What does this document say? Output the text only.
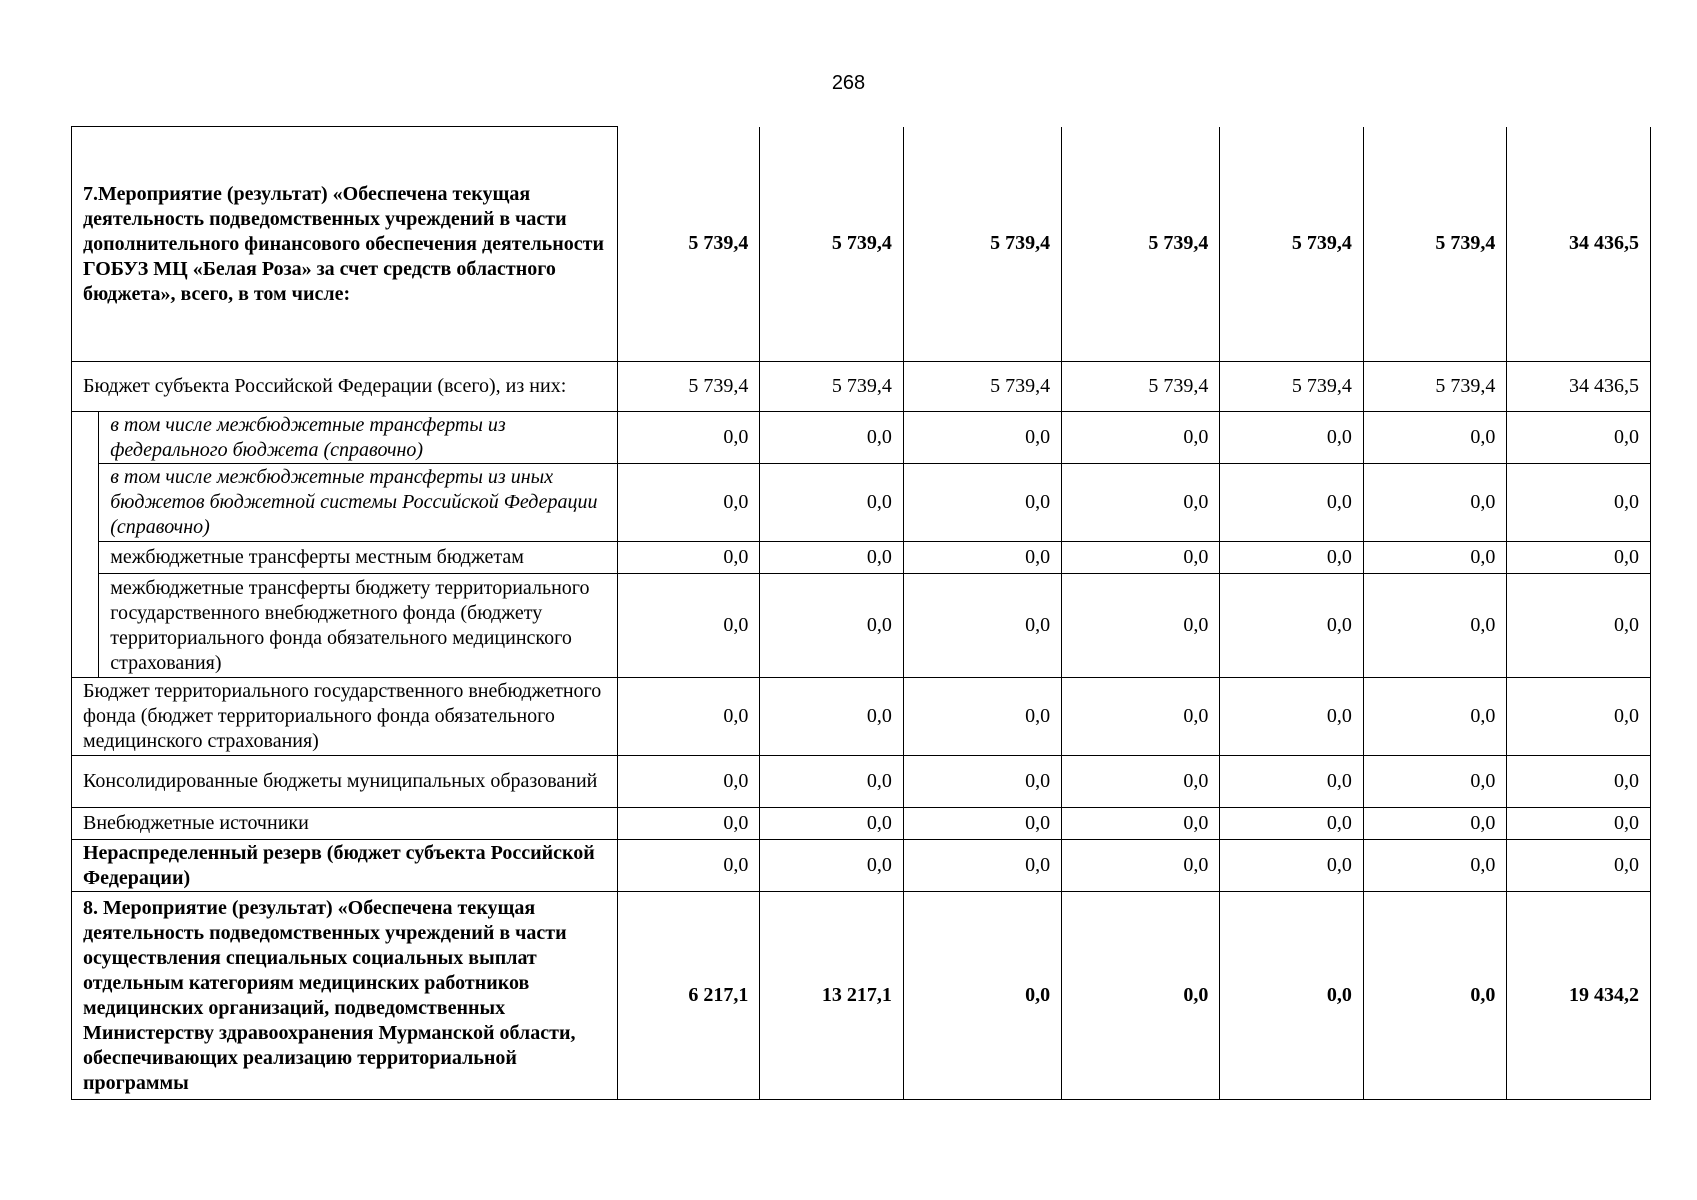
268
7.Мероприятие (результат) «Обеспечена текущая деятельность подведомственных учреждений в части дополнительного финансового обеспечения деятельности ГОБУЗ МЦ «Белая Роза» за счет средств областного бюджета», всего, в том числе:		5 739,4	5 739,4	5 739,4	5 739,4	5 739,4	5 739,4	34 436,5
Бюджет субъекта Российской Федерации (всего), из них:		5 739,4	5 739,4	5 739,4	5 739,4	5 739,4	5 739,4	34 436,5
	в том числе межбюджетные трансферты из федерального бюджета (справочно)	0,0	0,0	0,0	0,0	0,0	0,0	0,0
	в том числе межбюджетные трансферты из иных бюджетов бюджетной системы Российской Федерации (справочно)	0,0	0,0	0,0	0,0	0,0	0,0	0,0
	межбюджетные трансферты местным бюджетам	0,0	0,0	0,0	0,0	0,0	0,0	0,0
	межбюджетные трансферты бюджету территориального государственного внебюджетного фонда (бюджету территориального фонда обязательного медицинского страхования)	0,0	0,0	0,0	0,0	0,0	0,0	0,0
Бюджет территориального государственного внебюджетного фонда (бюджет территориального фонда обязательного медицинского страхования)		0,0	0,0	0,0	0,0	0,0	0,0	0,0
Консолидированные бюджеты муниципальных образований		0,0	0,0	0,0	0,0	0,0	0,0	0,0
Внебюджетные источники		0,0	0,0	0,0	0,0	0,0	0,0	0,0
Нераспределенный резерв (бюджет субъекта Российской Федерации)		0,0	0,0	0,0	0,0	0,0	0,0	0,0
8. Мероприятие (результат) «Обеспечена текущая деятельность подведомственных учреждений в части осуществления специальных социальных выплат отдельным категориям медицинских работников медицинских организаций, подведомственных Министерству здравоохранения Мурманской области, обеспечивающих реализацию территориальной программы		6 217,1	13 217,1	0,0	0,0	0,0	0,0	19 434,2
